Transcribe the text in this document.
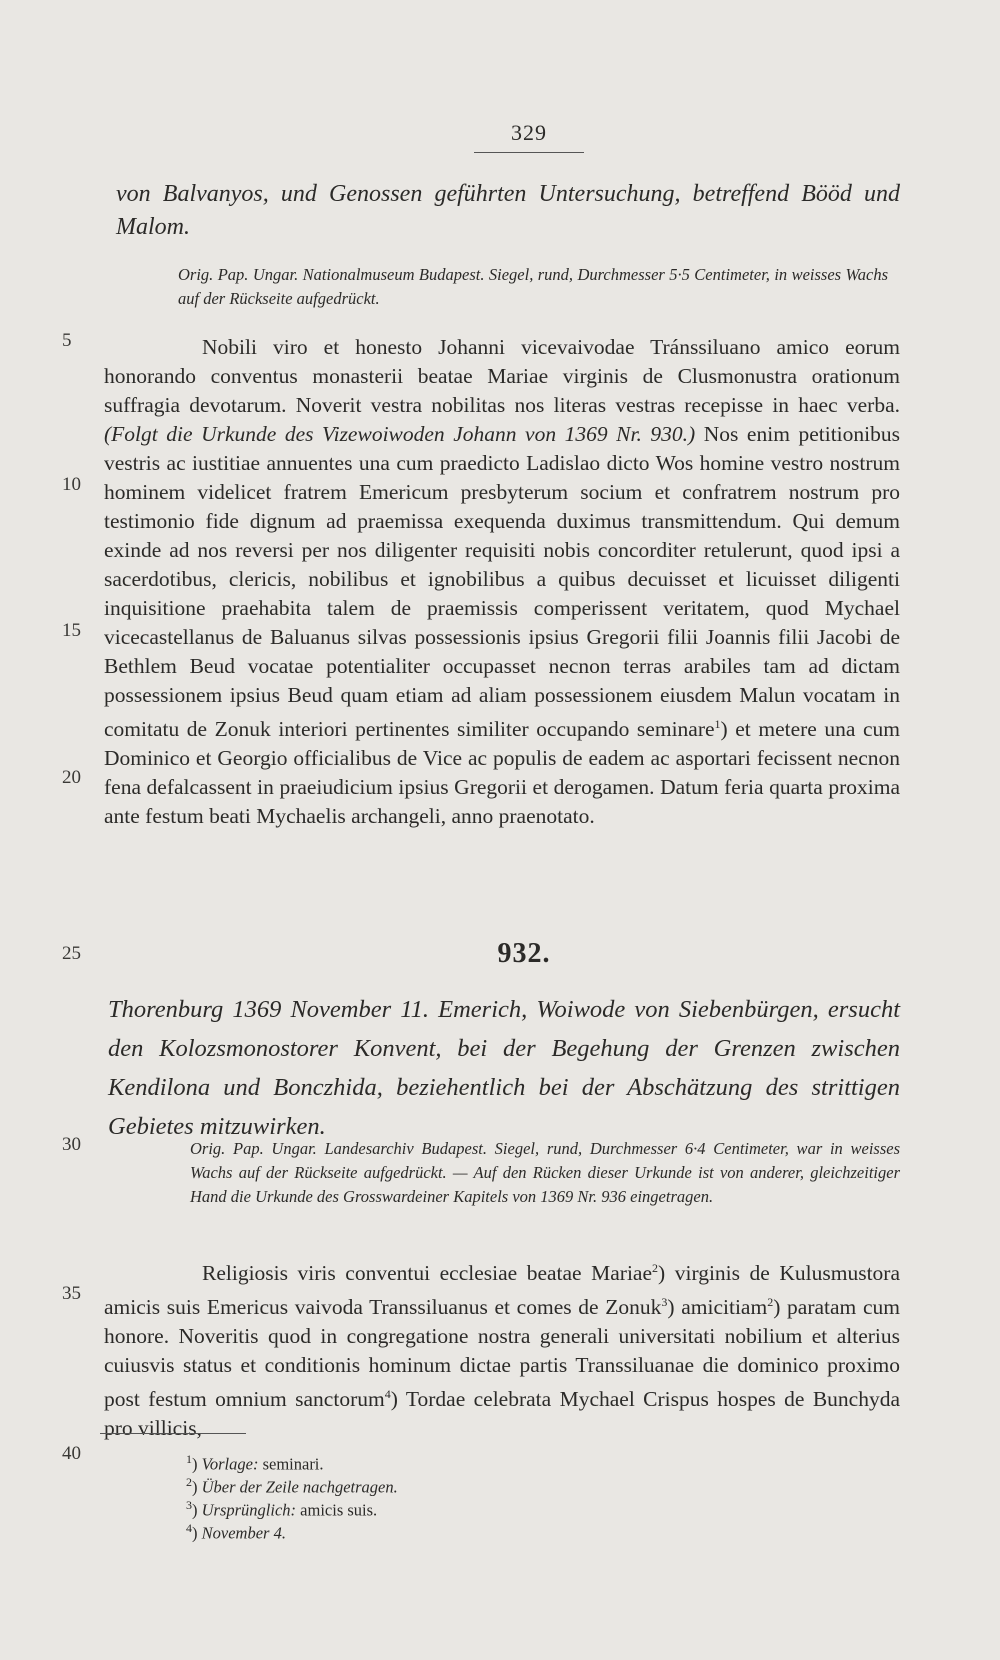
329
von Balvanyos, und Genossen geführten Untersuchung, betreffend Bööd und Malom.
Orig. Pap. Ungar. Nationalmuseum Budapest. Siegel, rund, Durchmesser 5·5 Centimeter, in weisses Wachs auf der Rückseite aufgedrückt.
5
10
15
20
25
30
35
40
Nobili viro et honesto Johanni vicevaivodae Tránssiluano amico eorum honorando conventus monasterii beatae Mariae virginis de Clusmonustra orationum suffragia devotarum. Noverit vestra nobilitas nos literas vestras recepisse in haec verba. (Folgt die Urkunde des Vizewoiwoden Johann von 1369 Nr. 930.) Nos enim petitionibus vestris ac iustitiae annuentes una cum praedicto Ladislao dicto Wos homine vestro nostrum hominem videlicet fratrem Emericum presbyterum socium et confratrem nostrum pro testimonio fide dignum ad praemissa exequenda duximus transmittendum. Qui demum exinde ad nos reversi per nos diligenter requisiti nobis concorditer retulerunt, quod ipsi a sacerdotibus, clericis, nobilibus et ignobilibus a quibus decuisset et licuisset diligenti inquisitione praehabita talem de praemissis comperissent veritatem, quod Mychael vicecastellanus de Baluanus silvas possessionis ipsius Gregorii filii Joannis filii Jacobi de Bethlem Beud vocatae potentialiter occupasset necnon terras arabiles tam ad dictam possessionem ipsius Beud quam etiam ad aliam possessionem eiusdem Malun vocatam in comitatu de Zonuk interiori pertinentes similiter occupando seminare$^1$) et metere una cum Dominico et Georgio officialibus de Vice ac populis de eadem ac asportari fecissent necnon fena defalcassent in praeiudicium ipsius Gregorii et derogamen. Datum feria quarta proxima ante festum beati Mychaelis archangeli, anno praenotato.
932.
Thorenburg 1369 November 11. Emerich, Woiwode von Siebenbürgen, ersucht den Kolozsmonostorer Konvent, bei der Begehung der Grenzen zwischen Kendilona und Bonczhida, beziehentlich bei der Abschätzung des strittigen Gebietes mitzuwirken.
Orig. Pap. Ungar. Landesarchiv Budapest. Siegel, rund, Durchmesser 6·4 Centimeter, war in weisses Wachs auf der Rückseite aufgedrückt. — Auf den Rücken dieser Urkunde ist von anderer, gleichzeitiger Hand die Urkunde des Grosswardeiner Kapitels von 1369 Nr. 936 eingetragen.
Religiosis viris conventui ecclesiae beatae Mariae$^2$) virginis de Kulusmustora amicis suis Emericus vaivoda Transsiluanus et comes de Zonuk$^3$) amicitiam$^2$) paratam cum honore. Noveritis quod in congregatione nostra generali universitati nobilium et alterius cuiusvis status et conditionis hominum dictae partis Transsiluanae die dominico proximo post festum omnium sanctorum$^4$) Tordae celebrata Mychael Crispus hospes de Bunchyda pro villicis,
$^1$) Vorlage: seminari.
$^2$) Über der Zeile nachgetragen.
$^3$) Ursprünglich: amicis suis.
$^4$) November 4.
